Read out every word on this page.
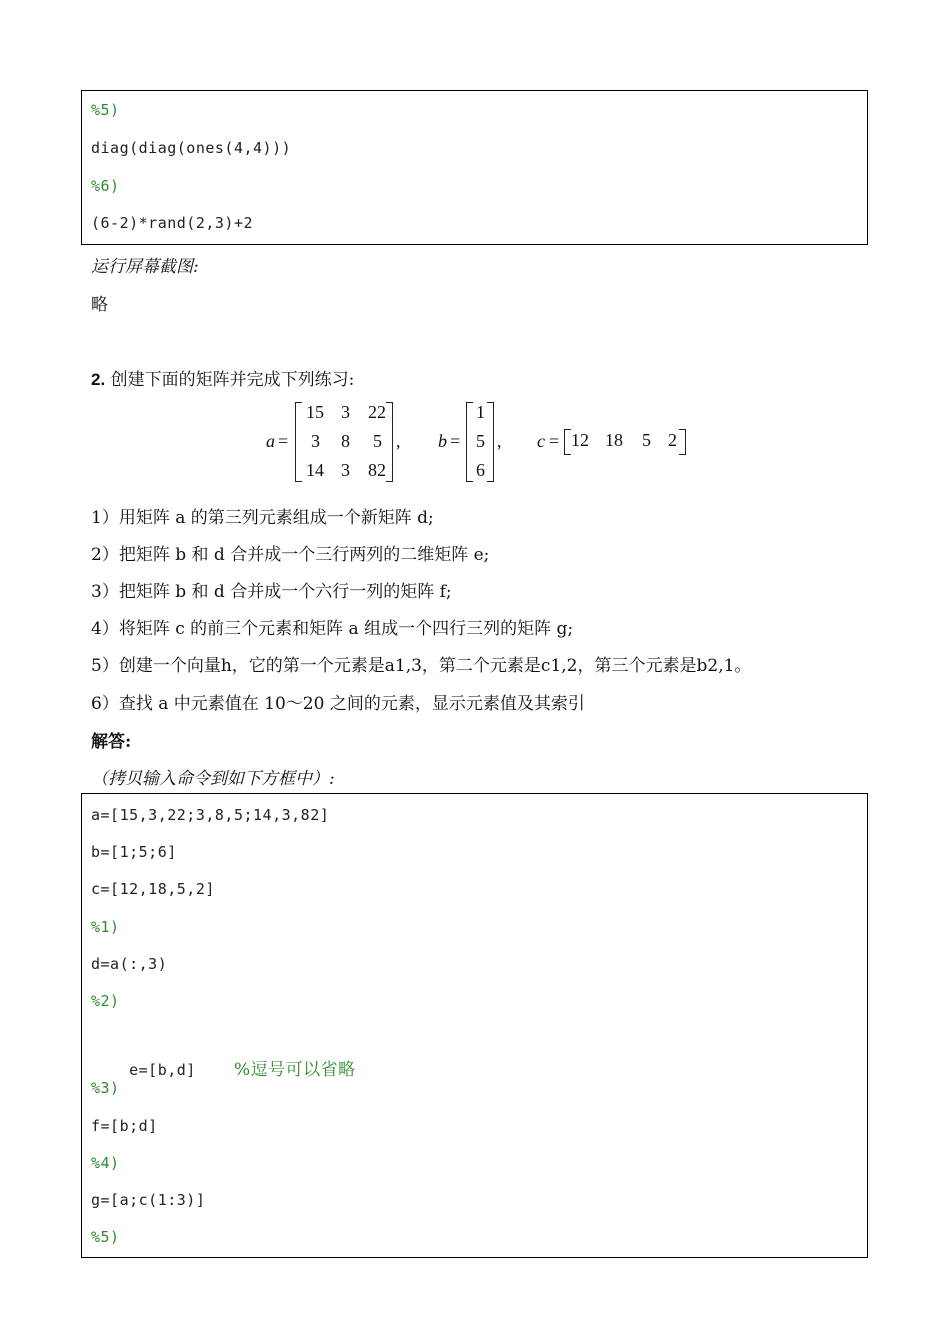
%5)
diag(diag(ones(4,4)))
%6)
(6-2)*rand(2,3)+2
运行屏幕截图:
略
2. 创建下面的矩阵并完成下列练习:
a =
15 3	22
3	8	5
14 3	82
, b =
1
5
6
, c = 12 18 5 2
1）用矩阵 a 的第三列元素组成一个新矩阵 d;
2）把矩阵 b 和 d 合并成一个三行两列的二维矩阵 e;
3）把矩阵 b 和 d 合并成一个六行一列的矩阵 f;
4）将矩阵 c 的前三个元素和矩阵 a 组成一个四行三列的矩阵 g;
5）创建一个向量h，它的第一个元素是a1,3，第二个元素是c1,2，第三个元素是b2,1。
6）查找 a 中元素值在 10～20 之间的元素，显示元素值及其索引
解答:
（拷贝输入命令到如下方框中）:
a=[15,3,22;3,8,5;14,3,82]
b=[1;5;6]
c=[12,18,5,2]
%1)
d=a(:,3)
%2)

e=[b,d] %逗号可以省略

%3)
f=[b;d]
%4)
g=[a;c(1:3)]
%5)
